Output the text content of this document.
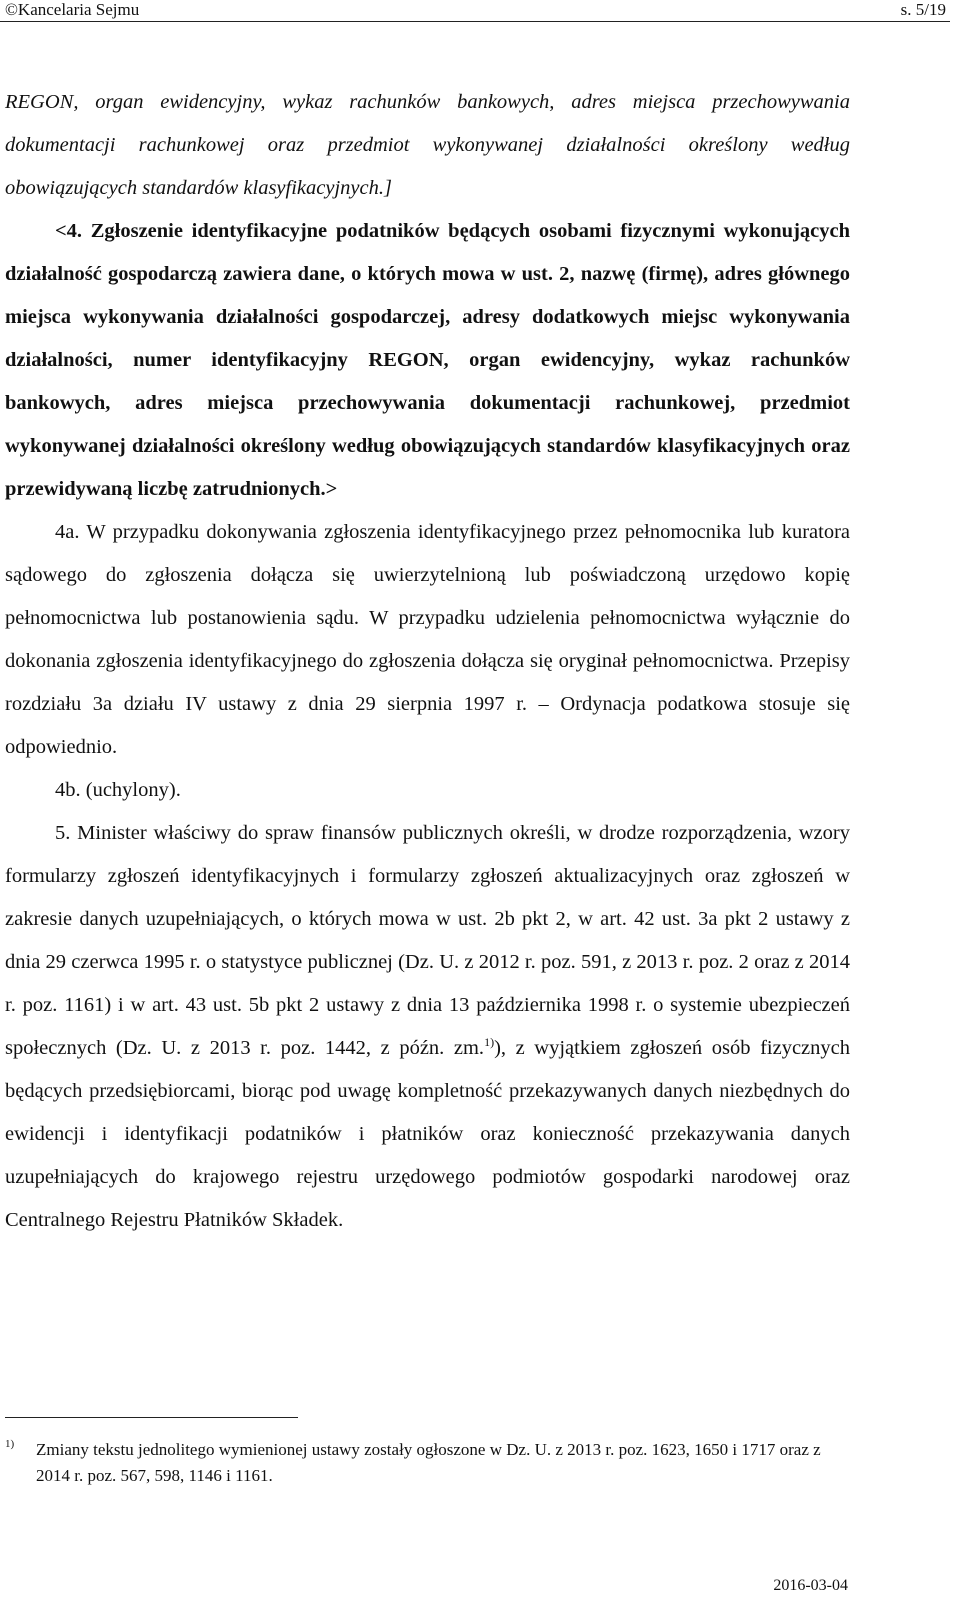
©Kancelaria Sejmu	s. 5/19

REGON, organ ewidencyjny, wykaz rachunków bankowych, adres miejsca przechowywania dokumentacji rachunkowej oraz przedmiot wykonywanej działalności określony według obowiązujących standardów klasyfikacyjnych.]

<4. Zgłoszenie identyfikacyjne podatników będących osobami fizycznymi wykonujących działalność gospodarczą zawiera dane, o których mowa w ust. 2, nazwę (firmę), adres głównego miejsca wykonywania działalności gospodarczej, adresy dodatkowych miejsc wykonywania działalności, numer identyfikacyjny REGON, organ ewidencyjny, wykaz rachunków bankowych, adres miejsca przechowywania dokumentacji rachunkowej, przedmiot wykonywanej działalności określony według obowiązujących standardów klasyfikacyjnych oraz przewidywaną liczbę zatrudnionych.>

4a. W przypadku dokonywania zgłoszenia identyfikacyjnego przez pełnomocnika lub kuratora sądowego do zgłoszenia dołącza się uwierzytelnioną lub poświadczoną urzędowo kopię pełnomocnictwa lub postanowienia sądu. W przypadku udzielenia pełnomocnictwa wyłącznie do dokonania zgłoszenia identyfikacyjnego do zgłoszenia dołącza się oryginał pełnomocnictwa. Przepisy rozdziału 3a działu IV ustawy z dnia 29 sierpnia 1997 r. – Ordynacja podatkowa stosuje się odpowiednio.

4b. (uchylony).

5. Minister właściwy do spraw finansów publicznych określi, w drodze rozporządzenia, wzory formularzy zgłoszeń identyfikacyjnych i formularzy zgłoszeń aktualizacyjnych oraz zgłoszeń w zakresie danych uzupełniających, o których mowa w ust. 2b pkt 2, w art. 42 ust. 3a pkt 2 ustawy z dnia 29 czerwca 1995 r. o statystyce publicznej (Dz. U. z 2012 r. poz. 591, z 2013 r. poz. 2 oraz z 2014 r. poz. 1161) i w art. 43 ust. 5b pkt 2 ustawy z dnia 13 października 1998 r. o systemie ubezpieczeń społecznych (Dz. U. z 2013 r. poz. 1442, z późn. zm.$^{1)}$), z wyjątkiem zgłoszeń osób fizycznych będących przedsiębiorcami, biorąc pod uwagę kompletność przekazywanych danych niezbędnych do ewidencji i identyfikacji podatników i płatników oraz konieczność przekazywania danych uzupełniających do krajowego rejestru urzędowego podmiotów gospodarki narodowej oraz Centralnego Rejestru Płatników Składek.

1) Zmiany tekstu jednolitego wymienionej ustawy zostały ogłoszone w Dz. U. z 2013 r. poz. 1623, 1650 i 1717 oraz z 2014 r. poz. 567, 598, 1146 i 1161.
2016-03-04
